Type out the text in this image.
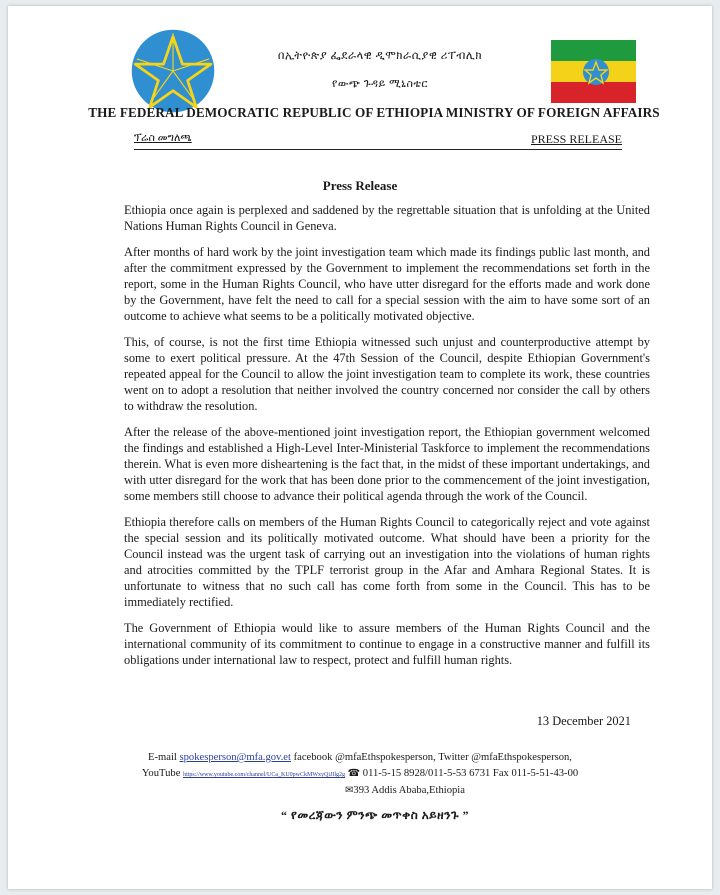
በኢትዮጵያ ፌደራላዊ ዲሞክራሲያዊ ሪፐብሊክ
የውጭ ጉዳይ ሚኒስቴር
THE FEDERAL DEMOCRATIC REPUBLIC OF ETHIOPIA MINISTRY OF FOREIGN AFFAIRS
ፕሬስ መግለጫ	PRESS RELEASE
Press Release

Ethiopia once again is perplexed and saddened by the regrettable situation that is unfolding at the United Nations Human Rights Council in Geneva.

After months of hard work by the joint investigation team which made its findings public last month, and after the commitment expressed by the Government to implement the recommendations set forth in the report, some in the Human Rights Council, who have utter disregard for the efforts made and work done by the Government, have felt the need to call for a special session with the aim to have some sort of an outcome to achieve what seems to be a politically motivated objective.

This, of course, is not the first time Ethiopia witnessed such unjust and counterproductive attempt by some to exert political pressure. At the 47th Session of the Council, despite Ethiopian Government's repeated appeal for the Council to allow the joint investigation team to complete its work, these countries went on to adopt a resolution that neither involved the country concerned nor consider the call by others to withdraw the resolution.

After the release of the above-mentioned joint investigation report, the Ethiopian government welcomed the findings and established a High-Level Inter-Ministerial Taskforce to implement the recommendations therein. What is even more disheartening is the fact that, in the midst of these important undertakings, and with utter disregard for the work that has been done prior to the commencement of the joint investigation, some members still choose to advance their political agenda through the work of the Council.

Ethiopia therefore calls on members of the Human Rights Council to categorically reject and vote against the special session and its politically motivated outcome. What should have been a priority for the Council instead was the urgent task of carrying out an investigation into the violations of human rights and atrocities committed by the TPLF terrorist group in the Afar and Amhara Regional States. It is unfortunate to witness that no such call has come forth from some in the Council. This has to be immediately rectified.

The Government of Ethiopia would like to assure members of the Human Rights Council and the international community of its commitment to continue to engage in a constructive manner and fulfill its obligations under international law to respect, protect and fulfill human rights.

13 December 2021
E-mail spokesperson@mfa.gov.et facebook @mfaEthspokesperson, Twitter @mfaEthspokesperson,
YouTube https://www.youtube.com/channel/UCa_KU0pwCkMWxyQiJIlg2g ☎ 011-5-15 8928/011-5-53 6731 Fax 011-5-51-43-00
✉393 Addis Ababa,Ethiopia
“ የመረጃውን ምንጭ መጥቀስ አይዘንጉ ”
